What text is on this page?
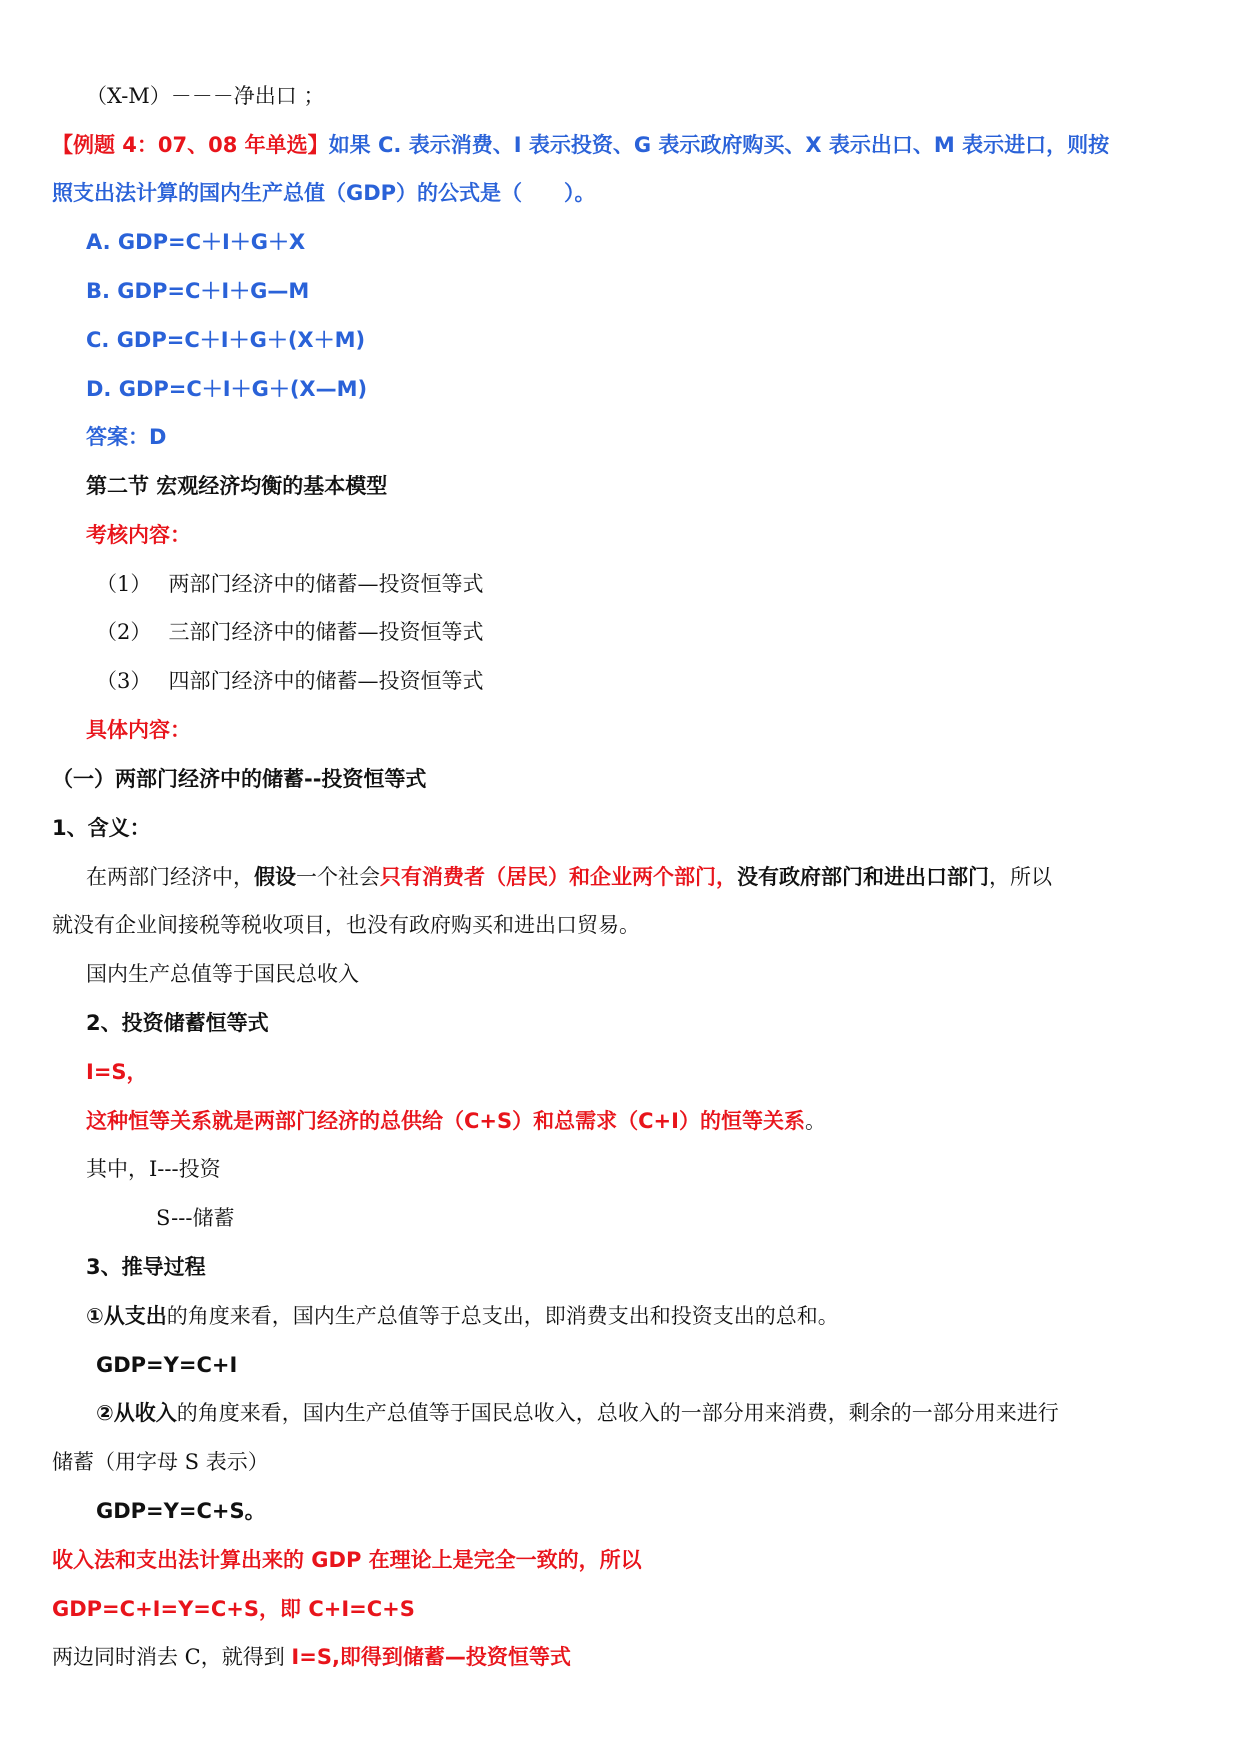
（X-M）－－－净出口 ；
【例题 4：07、08 年单选】如果 C. 表示消费、I 表示投资、G 表示政府购买、X 表示出口、M 表示进口，则按
照支出法计算的国内生产总值（GDP）的公式是（　　）。
A. GDP=C＋I＋G＋X
B. GDP=C＋I＋G—M
C. GDP=C＋I＋G＋(X＋M)
D. GDP=C＋I＋G＋(X—M)
答案：D
第二节 宏观经济均衡的基本模型
考核内容：
（1）　 两部门经济中的储蓄—投资恒等式
（2）　 三部门经济中的储蓄—投资恒等式
（3）　 四部门经济中的储蓄—投资恒等式
具体内容：
（一）两部门经济中的储蓄--投资恒等式
1、含义：
在两部门经济中，假设一个社会只有消费者（居民）和企业两个部门，没有政府部门和进出口部门，所以
就没有企业间接税等税收项目，也没有政府购买和进出口贸易。
国内生产总值等于国民总收入
2、投资储蓄恒等式
I=S，
这种恒等关系就是两部门经济的总供给（C+S）和总需求（C+I）的恒等关系。
其中，I---投资
S---储蓄
3、推导过程
①从支出的角度来看，国内生产总值等于总支出，即消费支出和投资支出的总和。
GDP=Y=C+I
②从收入的角度来看，国内生产总值等于国民总收入，总收入的一部分用来消费，剩余的一部分用来进行
储蓄（用字母 S 表示）
GDP=Y=C+S。
收入法和支出法计算出来的 GDP 在理论上是完全一致的，所以
GDP=C+I=Y=C+S，即 C+I=C+S
两边同时消去 C，就得到 I=S,即得到储蓄—投资恒等式
